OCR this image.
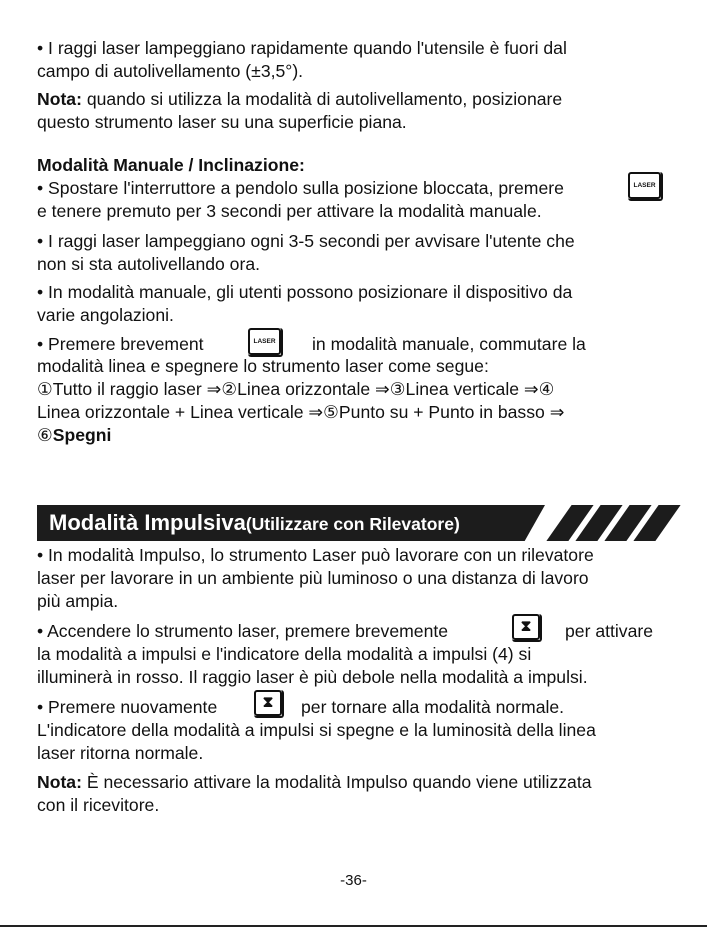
• I raggi laser lampeggiano rapidamente quando l'utensile è fuori dal
campo di autolivellamento (±3,5°).

Nota: quando si utilizza la modalità di autolivellamento, posizionare
questo strumento laser su una superficie piana.

Modalità Manuale / Inclinazione:
• Spostare l'interruttore a pendolo sulla posizione bloccata, premere	LASER
e tenere premuto per 3 secondi per attivare la modalità manuale.

• I raggi laser lampeggiano ogni 3-5 secondi per avvisare l'utente che
non si sta autolivellando ora.

• In modalità manuale, gli utenti possono posizionare il dispositivo da
varie angolazioni.

• Premere brevement	LASER	in modalità manuale, commutare la
modalità linea e spegnere lo strumento laser come segue:
①Tutto il raggio laser ⇒②Linea orizzontale ⇒③Linea verticale ⇒④
Linea orizzontale + Linea verticale ⇒⑤Punto su + Punto in basso ⇒
⑥Spegni
Modalità Impulsiva(Utilizzare con Rilevatore)

• In modalità Impulso, lo strumento Laser può lavorare con un rilevatore
laser per lavorare in un ambiente più luminoso o una distanza di lavoro
più ampia.

• Accendere lo strumento laser, premere brevemente	⧗	per attivare
la modalità a impulsi e l'indicatore della modalità a impulsi (4) si
illuminerà in rosso. Il raggio laser è più debole nella modalità a impulsi.
• Premere nuovamente	⧗	per tornare alla modalità normale.
L'indicatore della modalità a impulsi si spegne e la luminosità della linea
laser ritorna normale.

Nota: È necessario attivare la modalità Impulso quando viene utilizzata
con il ricevitore.

-36-
